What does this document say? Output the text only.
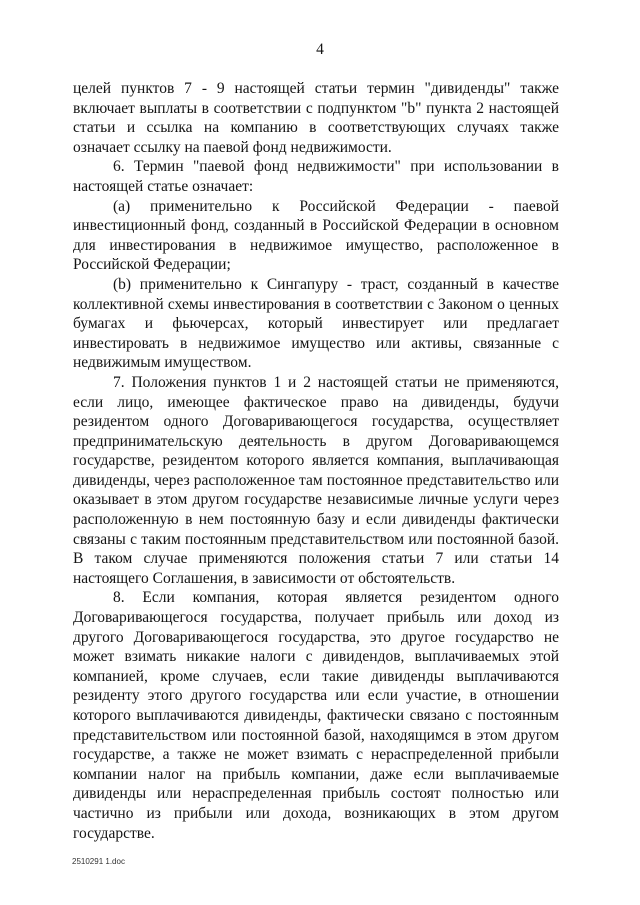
4

целей пунктов 7 - 9 настоящей статьи термин "дивиденды" также включает выплаты в соответствии с подпунктом "b" пункта 2 настоящей статьи и ссылка на компанию в соответствующих случаях также означает ссылку на паевой фонд недвижимости.

6. Термин "паевой фонд недвижимости" при использовании в настоящей статье означает:

(a) применительно к Российской Федерации - паевой инвестиционный фонд, созданный в Российской Федерации в основном для инвестирования в недвижимое имущество, расположенное в Российской Федерации;

(b) применительно к Сингапуру - траст, созданный в качестве коллективной схемы инвестирования в соответствии с Законом о ценных бумагах и фьючерсах, который инвестирует или предлагает инвестировать в недвижимое имущество или активы, связанные с недвижимым имуществом.

7. Положения пунктов 1 и 2 настоящей статьи не применяются, если лицо, имеющее фактическое право на дивиденды, будучи резидентом одного Договаривающегося государства, осуществляет предпринимательскую деятельность в другом Договаривающемся государстве, резидентом которого является компания, выплачивающая дивиденды, через расположенное там постоянное представительство или оказывает в этом другом государстве независимые личные услуги через расположенную в нем постоянную базу и если дивиденды фактически связаны с таким постоянным представительством или постоянной базой. В таком случае применяются положения статьи 7 или статьи 14 настоящего Соглашения, в зависимости от обстоятельств.

8. Если компания, которая является резидентом одного Договаривающегося государства, получает прибыль или доход из другого Договаривающегося государства, это другое государство не может взимать никакие налоги с дивидендов, выплачиваемых этой компанией, кроме случаев, если такие дивиденды выплачиваются резиденту этого другого государства или если участие, в отношении которого выплачиваются дивиденды, фактически связано с постоянным представительством или постоянной базой, находящимся в этом другом государстве, а также не может взимать с нераспределенной прибыли компании налог на прибыль компании, даже если выплачиваемые дивиденды или нераспределенная прибыль состоят полностью или частично из прибыли или дохода, возникающих в этом другом государстве.

2510291 1.doc
